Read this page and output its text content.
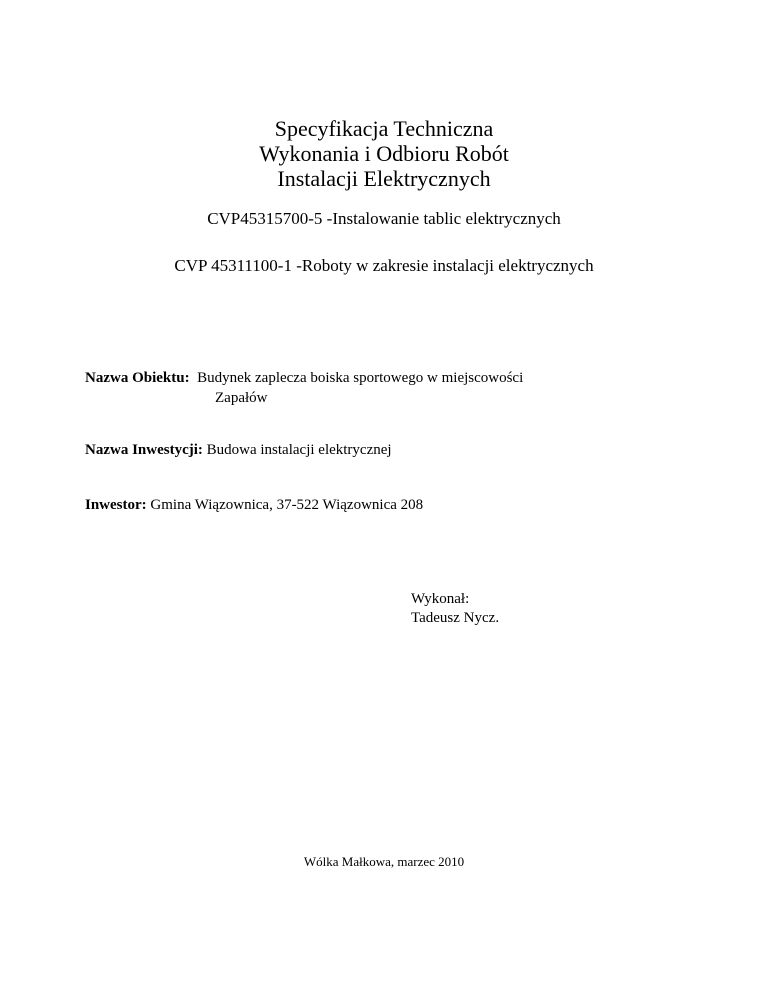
Specyfikacja Techniczna
Wykonania i Odbioru Robót
Instalacji Elektrycznych
CVP45315700-5 -Instalowanie tablic elektrycznych
CVP 45311100-1 -Roboty w zakresie instalacji elektrycznych
Nazwa Obiektu: Budynek zaplecza boiska sportowego w miejscowości
Zapałów
Nazwa Inwestycji: Budowa instalacji elektrycznej
Inwestor: Gmina Wiązownica, 37-522 Wiązownica 208
Wykonał:
Tadeusz Nycz.
Wólka Małkowa, marzec 2010
